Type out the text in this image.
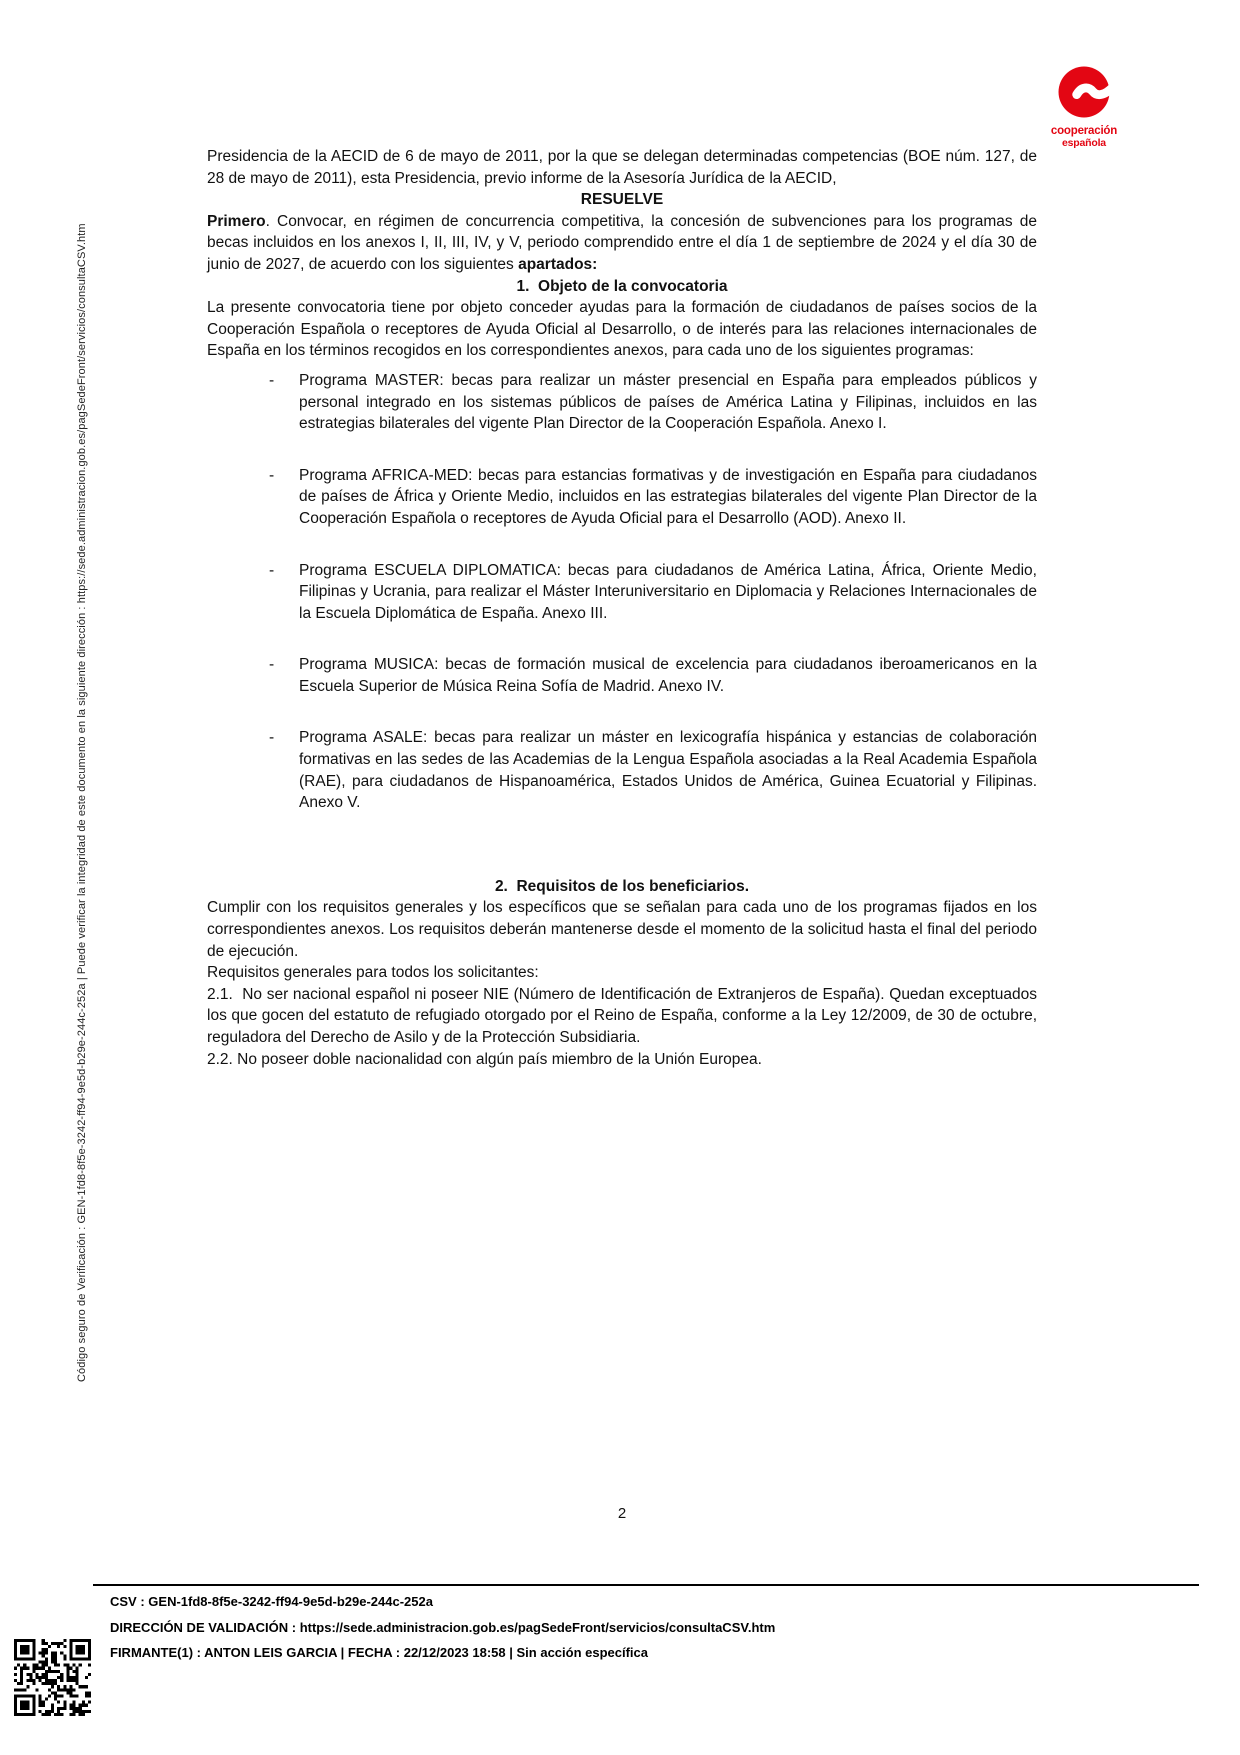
cooperación
española
Código seguro de Verificación : GEN-1fd8-8f5e-3242-ff94-9e5d-b29e-244c-252a | Puede verificar la integridad de este documento en la siguiente dirección : https://sede.administracion.gob.es/pagSedeFront/servicios/consultaCSV.htm

Presidencia de la AECID de 6 de mayo de 2011, por la que se delegan determinadas competencias (BOE núm. 127, de 28 de mayo de 2011), esta Presidencia, previo informe de la Asesoría Jurídica de la AECID,

RESUELVE

Primero. Convocar, en régimen de concurrencia competitiva, la concesión de subvenciones para los programas de becas incluidos en los anexos I, II, III, IV, y V, periodo comprendido entre el día 1 de septiembre de 2024 y el día 30 de junio de 2027, de acuerdo con los siguientes apartados:

1.  Objeto de la convocatoria

La presente convocatoria tiene por objeto conceder ayudas para la formación de ciudadanos de países socios de la Cooperación Española o receptores de Ayuda Oficial al Desarrollo, o de interés para las relaciones internacionales de España en los términos recogidos en los correspondientes anexos, para cada uno de los siguientes programas:

-	Programa MASTER: becas para realizar un máster presencial en España para empleados públicos y personal integrado en los sistemas públicos de países de América Latina y Filipinas, incluidos en las estrategias bilaterales del vigente Plan Director de la Cooperación Española. Anexo I.

-	Programa AFRICA-MED: becas para estancias formativas y de investigación en España para ciudadanos de países de África y Oriente Medio, incluidos en las estrategias bilaterales del vigente Plan Director de la Cooperación Española o receptores de Ayuda Oficial para el Desarrollo (AOD). Anexo II.

-	Programa ESCUELA DIPLOMATICA: becas para ciudadanos de América Latina, África, Oriente Medio, Filipinas y Ucrania, para realizar el Máster Interuniversitario en Diplomacia y Relaciones Internacionales de la Escuela Diplomática de España. Anexo III.

-	Programa MUSICA: becas de formación musical de excelencia para ciudadanos iberoamericanos en la Escuela Superior de Música Reina Sofía de Madrid. Anexo IV.

-	Programa ASALE: becas para realizar un máster en lexicografía hispánica y estancias de colaboración formativas en las sedes de las Academias de la Lengua Española asociadas a la Real Academia Española (RAE), para ciudadanos de Hispanoamérica, Estados Unidos de América, Guinea Ecuatorial y Filipinas. Anexo V.

2.  Requisitos de los beneficiarios.

Cumplir con los requisitos generales y los específicos que se señalan para cada uno de los programas fijados en los correspondientes anexos. Los requisitos deberán mantenerse desde el momento de la solicitud hasta el final del periodo de ejecución.

Requisitos generales para todos los solicitantes:

2.1.  No ser nacional español ni poseer NIE (Número de Identificación de Extranjeros de España). Quedan exceptuados los que gocen del estatuto de refugiado otorgado por el Reino de España, conforme a la Ley 12/2009, de 30 de octubre, reguladora del Derecho de Asilo y de la Protección Subsidiaria.

2.2. No poseer doble nacionalidad con algún país miembro de la Unión Europea.

2
CSV : GEN-1fd8-8f5e-3242-ff94-9e5d-b29e-244c-252a
DIRECCIÓN DE VALIDACIÓN : https://sede.administracion.gob.es/pagSedeFront/servicios/consultaCSV.htm
FIRMANTE(1) : ANTON LEIS GARCIA | FECHA : 22/12/2023 18:58 | Sin acción específica
